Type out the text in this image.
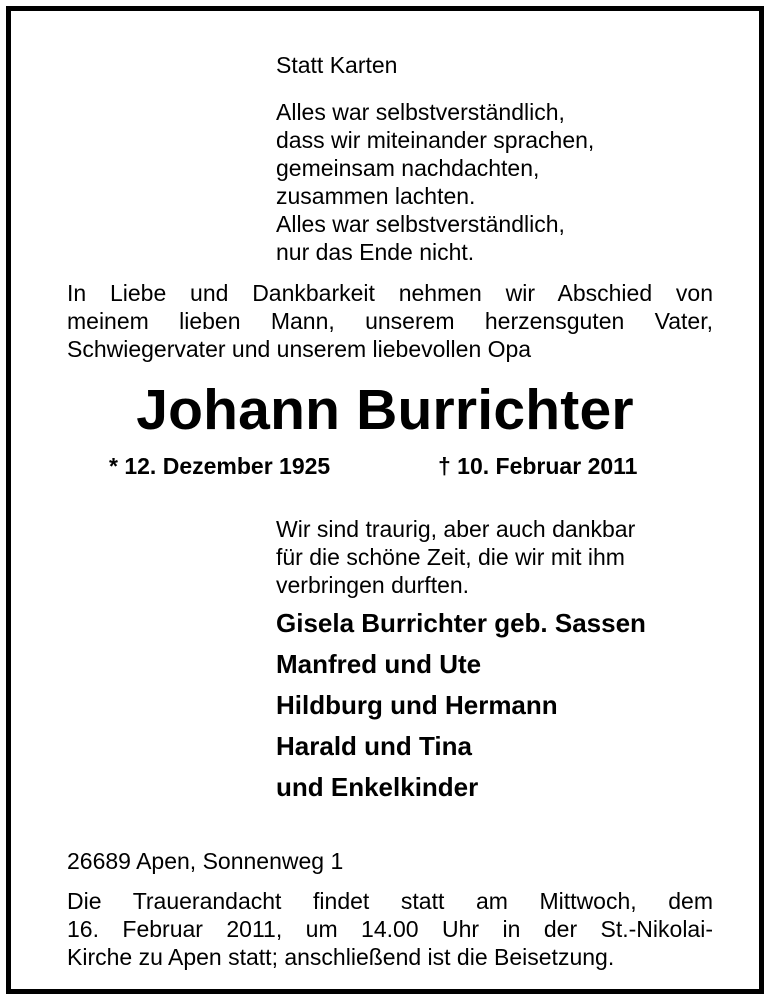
Statt Karten

Alles war selbstverständlich,
dass wir miteinander sprachen,
gemeinsam nachdachten,
zusammen lachten.
Alles war selbstverständlich,
nur das Ende nicht.
In Liebe und Dankbarkeit nehmen wir Abschied von
meinem lieben Mann, unserem herzensguten Vater,
Schwiegervater und unserem liebevollen Opa
Johann Burrichter
* 12. Dezember 1925	† 10. Februar 2011
Wir sind traurig, aber auch dankbar
für die schöne Zeit, die wir mit ihm
verbringen durften.
Gisela Burrichter geb. Sassen
Manfred und Ute
Hildburg und Hermann
Harald und Tina
und Enkelkinder

26689 Apen, Sonnenweg 1

Die Trauerandacht findet statt am Mittwoch, dem
16. Februar 2011, um 14.00 Uhr in der St.-Nikolai-
Kirche zu Apen statt; anschließend ist die Beisetzung.
